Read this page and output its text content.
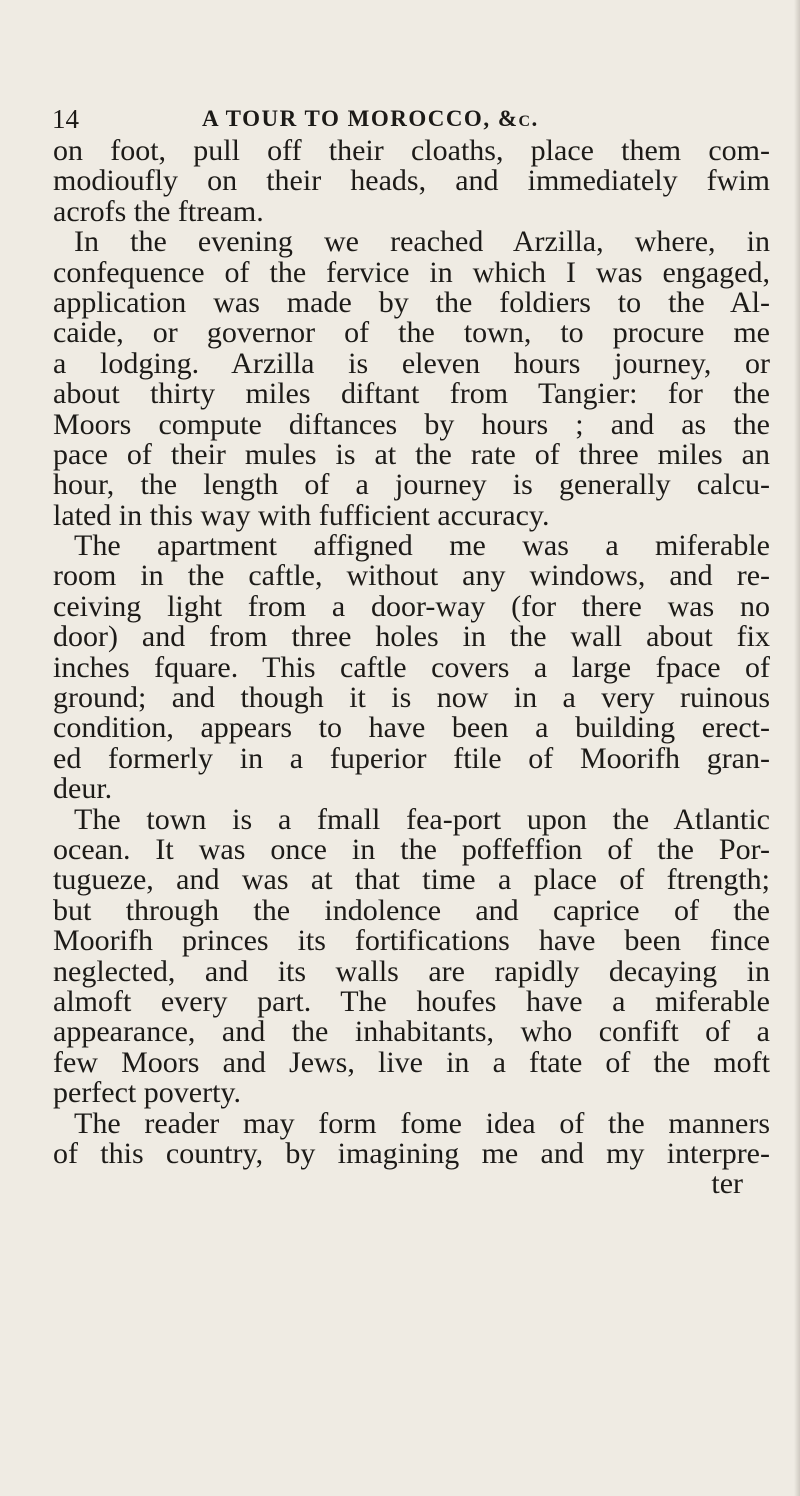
14	A TOUR TO MOROCCO, &c.
on foot, pull off their cloaths, place them com-
modioufly on their heads, and immediately fwim
acrofs the ftream.
In the evening we reached Arzilla, where, in
confequence of the fervice in which I was engaged,
application was made by the foldiers to the Al-
caide, or governor of the town, to procure me
a lodging. Arzilla is eleven hours journey, or
about thirty miles diftant from Tangier: for the
Moors compute diftances by hours ; and as the
pace of their mules is at the rate of three miles an
hour, the length of a journey is generally calcu-
lated in this way with fufficient accuracy.
The apartment affigned me was a miferable
room in the caftle, without any windows, and re-
ceiving light from a door-way (for there was no
door) and from three holes in the wall about fix
inches fquare. This caftle covers a large fpace of
ground; and though it is now in a very ruinous
condition, appears to have been a building erect-
ed formerly in a fuperior ftile of Moorifh gran-
deur.
The town is a fmall fea-port upon the Atlantic
ocean. It was once in the poffeffion of the Por-
tugueze, and was at that time a place of ftrength;
but through the indolence and caprice of the
Moorifh princes its fortifications have been fince
neglected, and its walls are rapidly decaying in
almoft every part. The houfes have a miferable
appearance, and the inhabitants, who confift of a
few Moors and Jews, live in a ftate of the moft
perfect poverty.
The reader may form fome idea of the manners
of this country, by imagining me and my interpre-
ter
